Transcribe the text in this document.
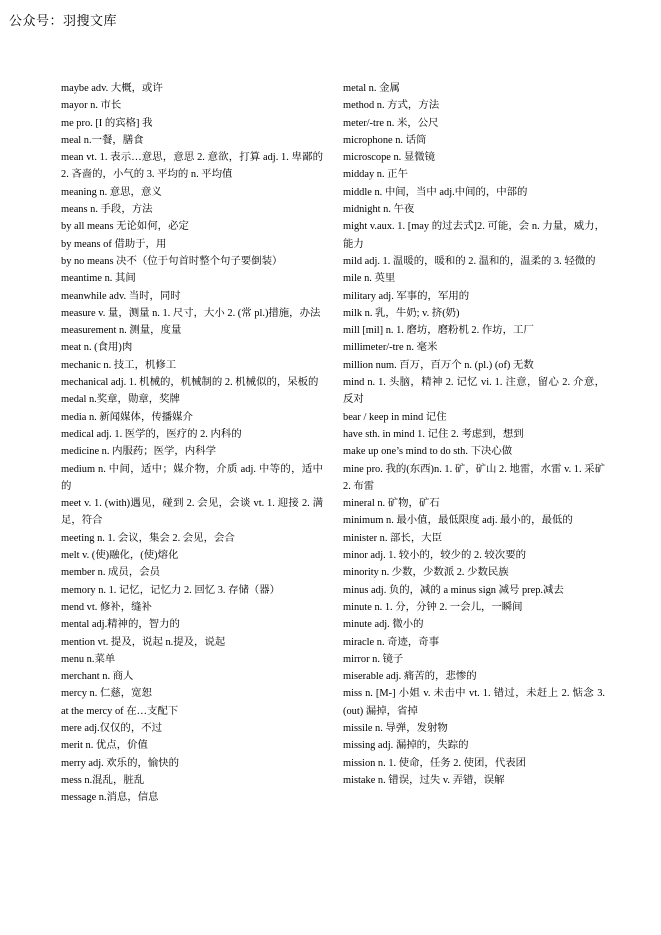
公众号：羽搜文库

maybe adv. 大概，或许

mayor n. 市长

me pro. [I 的宾格] 我

meal n.一餐，膳食

mean vt. 1. 表示…意思，意思 2. 意欲，打算 adj. 1. 卑鄙的 2. 吝啬的，小气的 3. 平均的 n. 平均值

meaning n. 意思，意义

means n. 手段，方法

by all means 无论如何，必定

by means of 借助于，用

by no means 决不（位于句首时整个句子要倒装）

meantime n. 其间

meanwhile adv. 当时，同时

measure v. 量，测量 n. 1. 尺寸，大小 2. (常 pl.)措施，办法

measurement n. 测量，度量

meat n. (食用)肉

mechanic n. 技工，机修工

mechanical adj. 1. 机械的，机械制的 2. 机械似的，呆板的

medal n.奖章，勋章，奖牌

media n. 新闻媒体，传播媒介

medical adj. 1. 医学的，医疗的 2. 内科的

medicine n. 内服药；医学，内科学

medium n. 中间，适中；媒介物，介质 adj. 中等的，适中的

meet v. 1. (with)遇见，碰到 2. 会见，会谈 vt. 1. 迎接 2. 满足，符合

meeting n. 1. 会议，集会 2. 会见，会合

melt v. (使)融化，(使)熔化

member n. 成员，会员

memory n. 1. 记忆，记忆力 2. 回忆 3. 存储（器）

mend vt. 修补，缝补

mental adj.精神的，智力的

mention vt. 提及，说起 n.提及，说起

menu n.菜单

merchant n. 商人

mercy n. 仁慈，宽恕

at the mercy of 在…支配下

mere adj.仅仅的，不过

merit n. 优点，价值

merry adj. 欢乐的，愉快的

mess n.混乱，脏乱

message n.消息，信息

metal n. 金属

method n. 方式，方法

meter/-tre n. 米，公尺

microphone n. 话筒

microscope n. 显微镜

midday n. 正午

middle n. 中间，当中 adj.中间的，中部的

midnight n. 午夜

might v.aux. 1. [may 的过去式]2. 可能，会 n. 力量，威力，能力

mild adj. 1. 温暖的，暖和的 2. 温和的，温柔的 3. 轻微的

mile n. 英里

military adj. 军事的，军用的

milk n. 乳，牛奶; v. 挤(奶)

mill [mil] n. 1. 磨坊，磨粉机 2. 作坊，工厂

millimeter/-tre n. 毫米

million num. 百万，百万个 n. (pl.) (of) 无数

mind n. 1. 头脑，精神 2. 记忆 vi. 1. 注意，留心 2. 介意，反对

bear / keep in mind 记住

have sth. in mind 1. 记住 2. 考虑到，想到

make up one’s mind to do sth. 下决心做

mine pro. 我的(东西)n. 1. 矿，矿山 2. 地雷，水雷 v. 1. 采矿 2. 布雷

mineral n. 矿物，矿石

minimum n. 最小值，最低限度 adj. 最小的，最低的

minister n. 部长，大臣

minor adj. 1. 较小的，较少的 2. 较次要的

minority n. 少数，少数派 2. 少数民族

minus adj. 负的，减的 a minus sign 减号 prep.减去

minute n. 1. 分，分钟 2. 一会儿，一瞬间

minute adj. 微小的

miracle n. 奇迹，奇事

mirror n. 镜子

miserable adj. 痛苦的，悲惨的

miss n. [M-] 小姐 v. 未击中 vt. 1. 错过，未赶上 2. 惦念 3. (out) 漏掉，省掉

missile n. 导弹，发射物

missing adj. 漏掉的，失踪的

mission n. 1. 使命，任务 2. 使团，代表团

mistake n. 错误，过失 v. 弄错，误解
